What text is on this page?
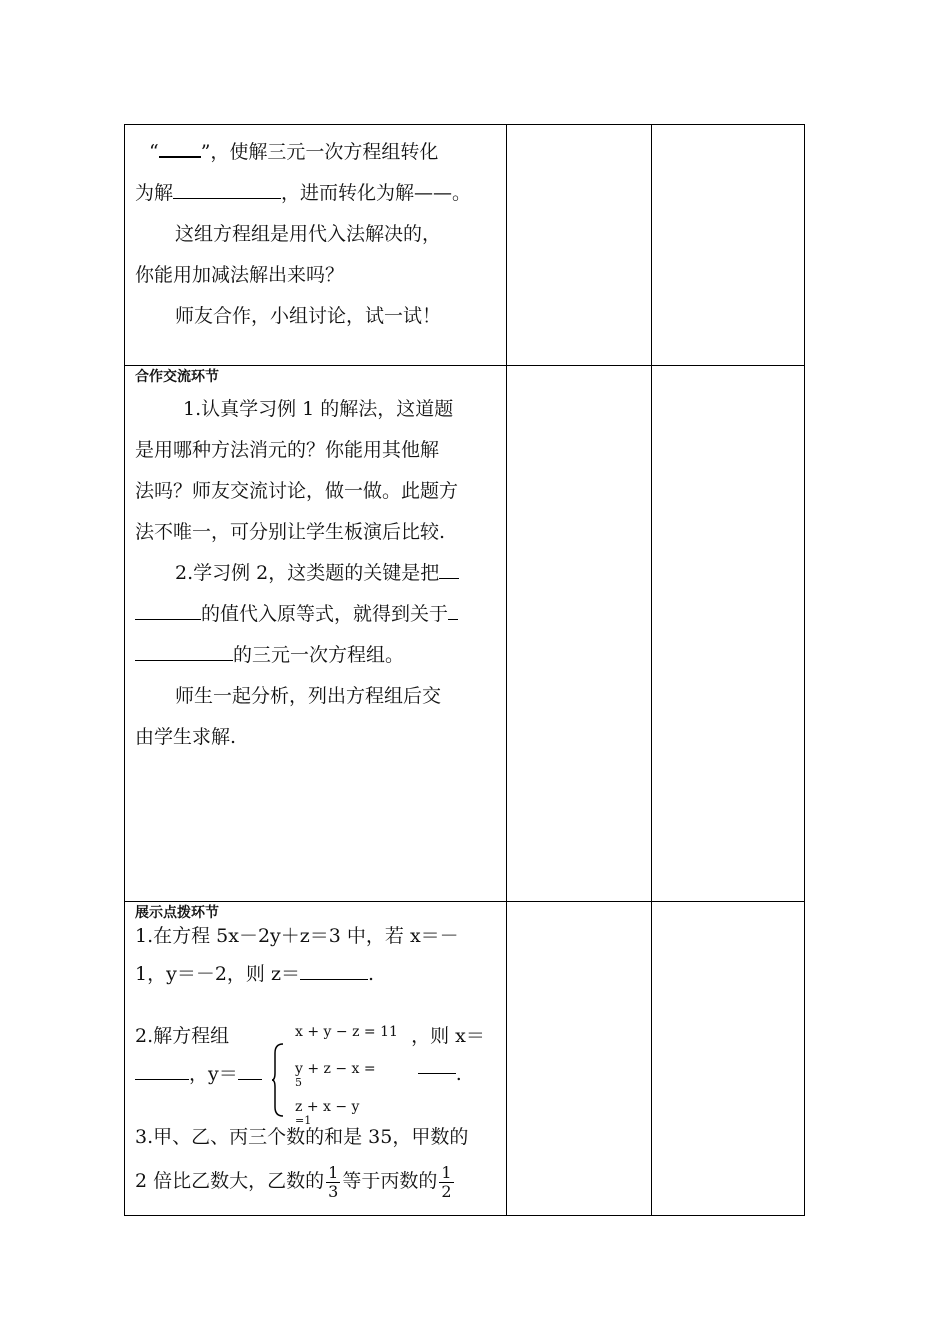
“ ”，使解三元一次方程组转化

为解	，进而转化为解——。

这组方程组是用代入法解决的，

你能用加减法解出来吗？

师友合作，小组讨论，试一试！

合作交流环节

1.认真学习例 1 的解法，这道题

是用哪种方法消元的？你能用其他解

法吗？师友交流讨论，做一做。此题方

法不唯一，可分别让学生板演后比较.

2.学习例 2，这类题的关键是把

的值代入原等式，就得到关于

的三元一次方程组。

师生一起分析，列出方程组后交

由学生求解.

展示点拨环节

1.在方程 5x－2y＋z＝3 中，若 x＝－

1，y＝－2，则 z＝	.

2.解方程组	，则 x＝

，y＝	.

x + y − z = 11
y + z − x =
5
z + x − y
=1

3.甲、乙、丙三个数的和是 35，甲数的

2 倍比乙数大，乙数的 $\frac{1}{3}$ 等于丙数的 $\frac{1}{2}$
